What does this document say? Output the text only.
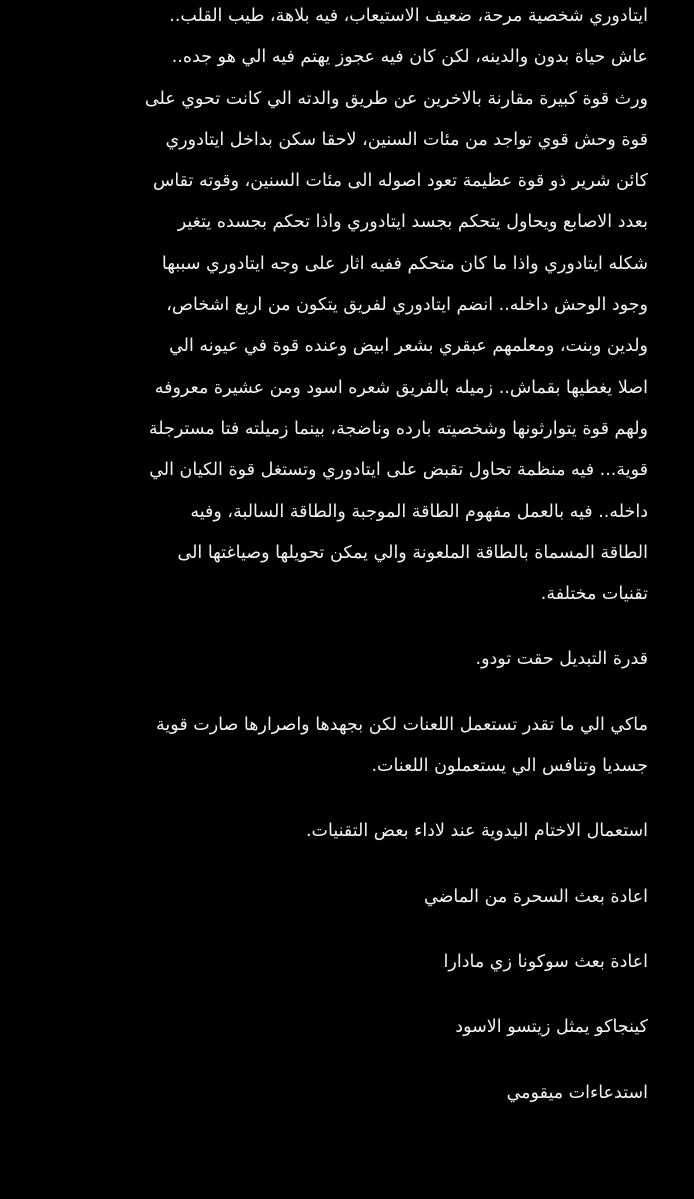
ايتادوري شخصية مرحة، ضعيف الاستيعاب، فيه بلاهة، طيب القلب..
عاش حياة بدون والدينه، لكن كان فيه عجوز يهتم فيه الي هو جده..
ورث قوة كبيرة مقارنة بالاخرين عن طريق والدته الي كانت تحوي على
قوة وحش قوي تواجد من مئات السنين، لاحقا سكن بداخل ايتادوري
كائن شرير ذو قوة عظيمة تعود اصوله الى مئات السنين، وقوته تقاس
بعدد الاصابع ويحاول يتحكم بجسد ايتادوري واذا تحكم بجسده يتغير
شكله ايتادوري واذا ما كان متحكم ففيه اثار على وجه ايتادوري سببها
وجود الوحش داخله.. انضم ايتادوري لفريق يتكون من اربع اشخاص،
ولدين وبنت، ومعلمهم عبقري بشعر ابيض وعنده قوة في عيونه الي
اصلا يغطيها بقماش.. زميله بالفريق شعره اسود ومن عشيرة معروفه
ولهم قوة يتوارثونها وشخصيته بارده وناضجة، بينما زميلته فتا مسترجلة
قوية... فيه منظمة تحاول تقبض على ايتادوري وتستغل قوة الكيان الي
داخله.. فيه بالعمل مفهوم الطاقة الموجبة والطاقة السالبة، وفيه
الطاقة المسماة بالطاقة الملعونة والي يمكن تحويلها وصياغتها الى
تقنيات مختلفة.
قدرة التبديل حقت تودو.
ماكي الي ما تقدر تستعمل اللعنات لكن بجهدها واصرارها صارت قوية
جسديا وتنافس الي يستعملون اللعنات.
استعمال الاختام اليدوية عند لاداء بعض التقنيات.
اعادة بعث السحرة من الماضي
اعادة بعث سوكونا زي مادارا
كينجاكو يمثل زيتسو الاسود
استدعاءات ميقومي
